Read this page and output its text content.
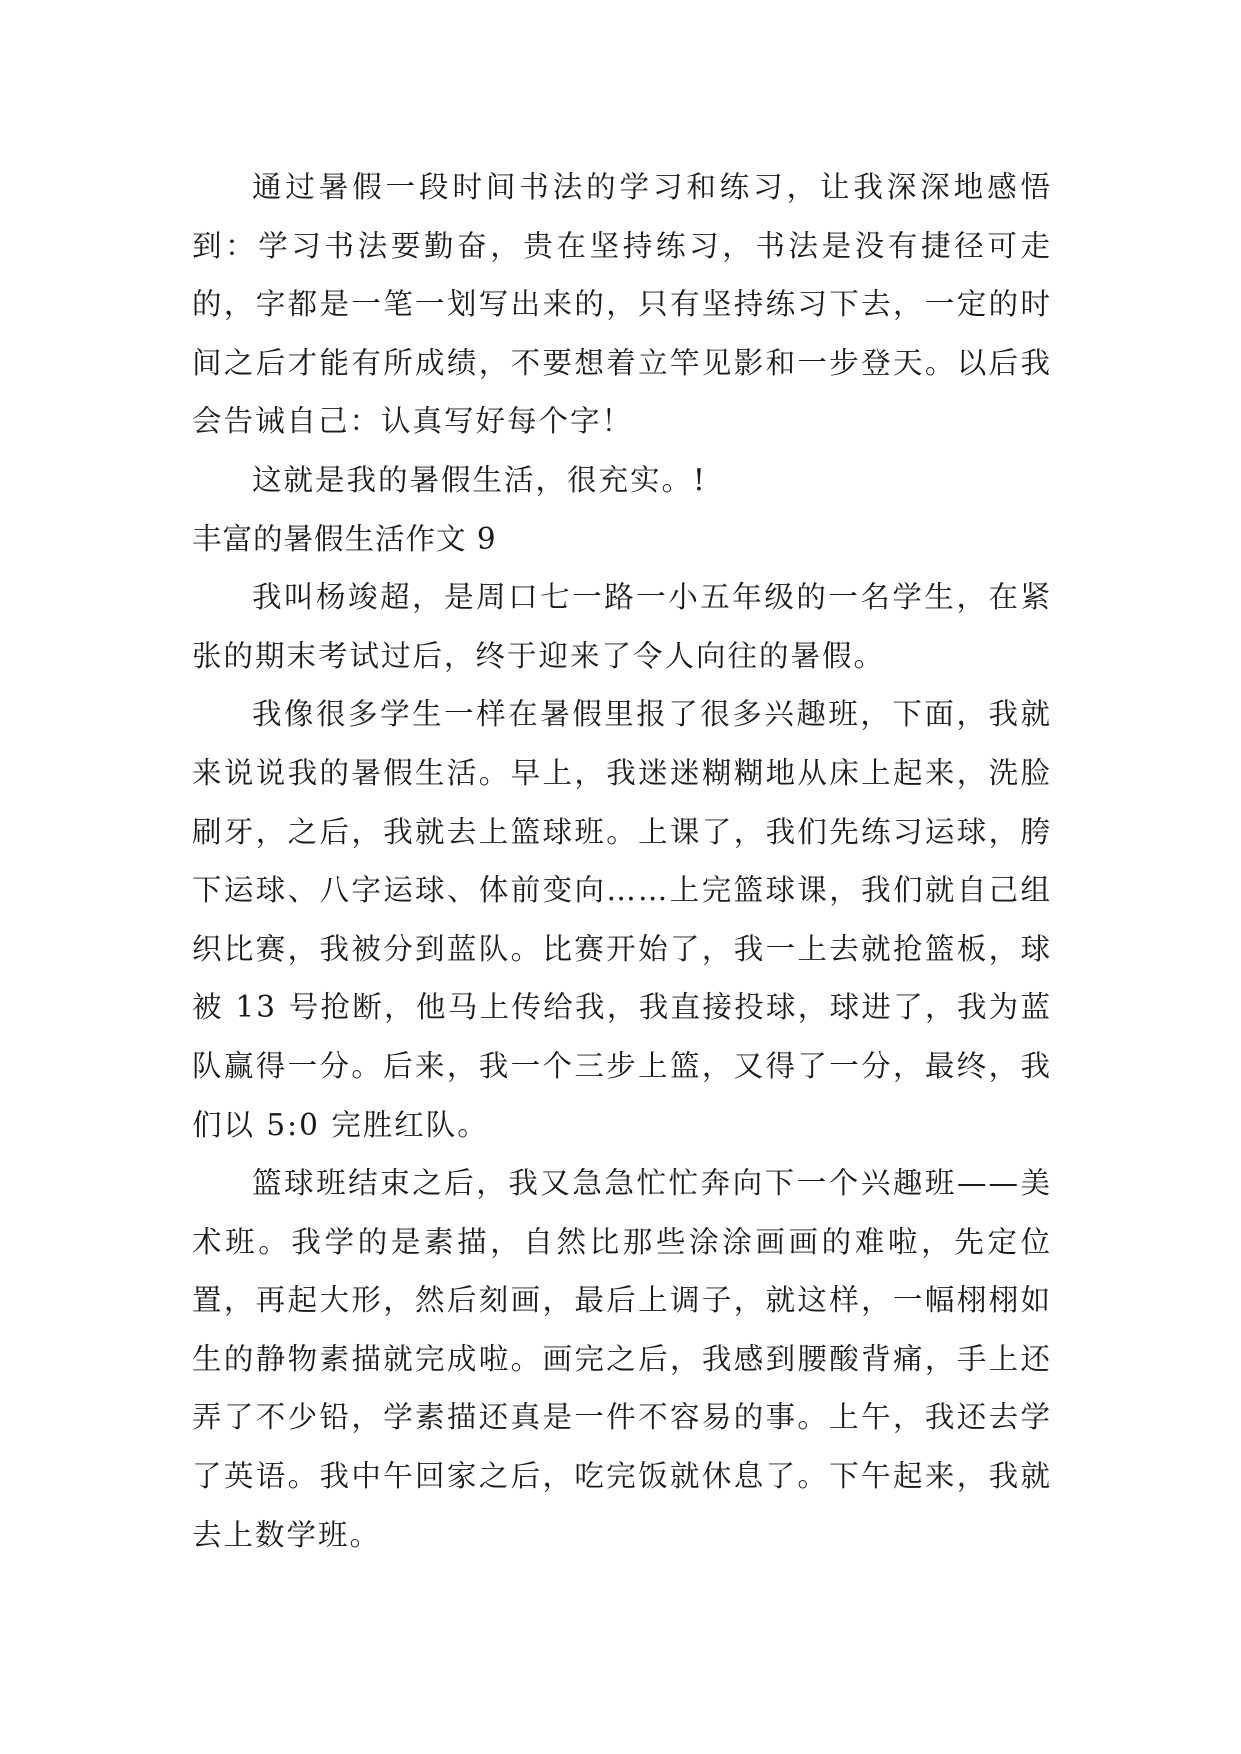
通过暑假一段时间书法的学习和练习，让我深深地感悟到：学习书法要勤奋，贵在坚持练习，书法是没有捷径可走的，字都是一笔一划写出来的，只有坚持练习下去，一定的时间之后才能有所成绩，不要想着立竿见影和一步登天。以后我会告诫自己：认真写好每个字！

这就是我的暑假生活，很充实。!

丰富的暑假生活作文 9

我叫杨竣超，是周口七一路一小五年级的一名学生，在紧张的期末考试过后，终于迎来了令人向往的暑假。

我像很多学生一样在暑假里报了很多兴趣班，下面，我就来说说我的暑假生活。早上，我迷迷糊糊地从床上起来，洗脸刷牙，之后，我就去上篮球班。上课了，我们先练习运球，胯下运球、八字运球、体前变向……上完篮球课，我们就自己组织比赛，我被分到蓝队。比赛开始了，我一上去就抢篮板，球被 13 号抢断，他马上传给我，我直接投球，球进了，我为蓝队赢得一分。后来，我一个三步上篮，又得了一分，最终，我们以 5:0 完胜红队。

篮球班结束之后，我又急急忙忙奔向下一个兴趣班——美术班。我学的是素描，自然比那些涂涂画画的难啦，先定位置，再起大形，然后刻画，最后上调子，就这样，一幅栩栩如生的静物素描就完成啦。画完之后，我感到腰酸背痛，手上还弄了不少铅，学素描还真是一件不容易的事。上午，我还去学了英语。我中午回家之后，吃完饭就休息了。下午起来，我就去上数学班。
